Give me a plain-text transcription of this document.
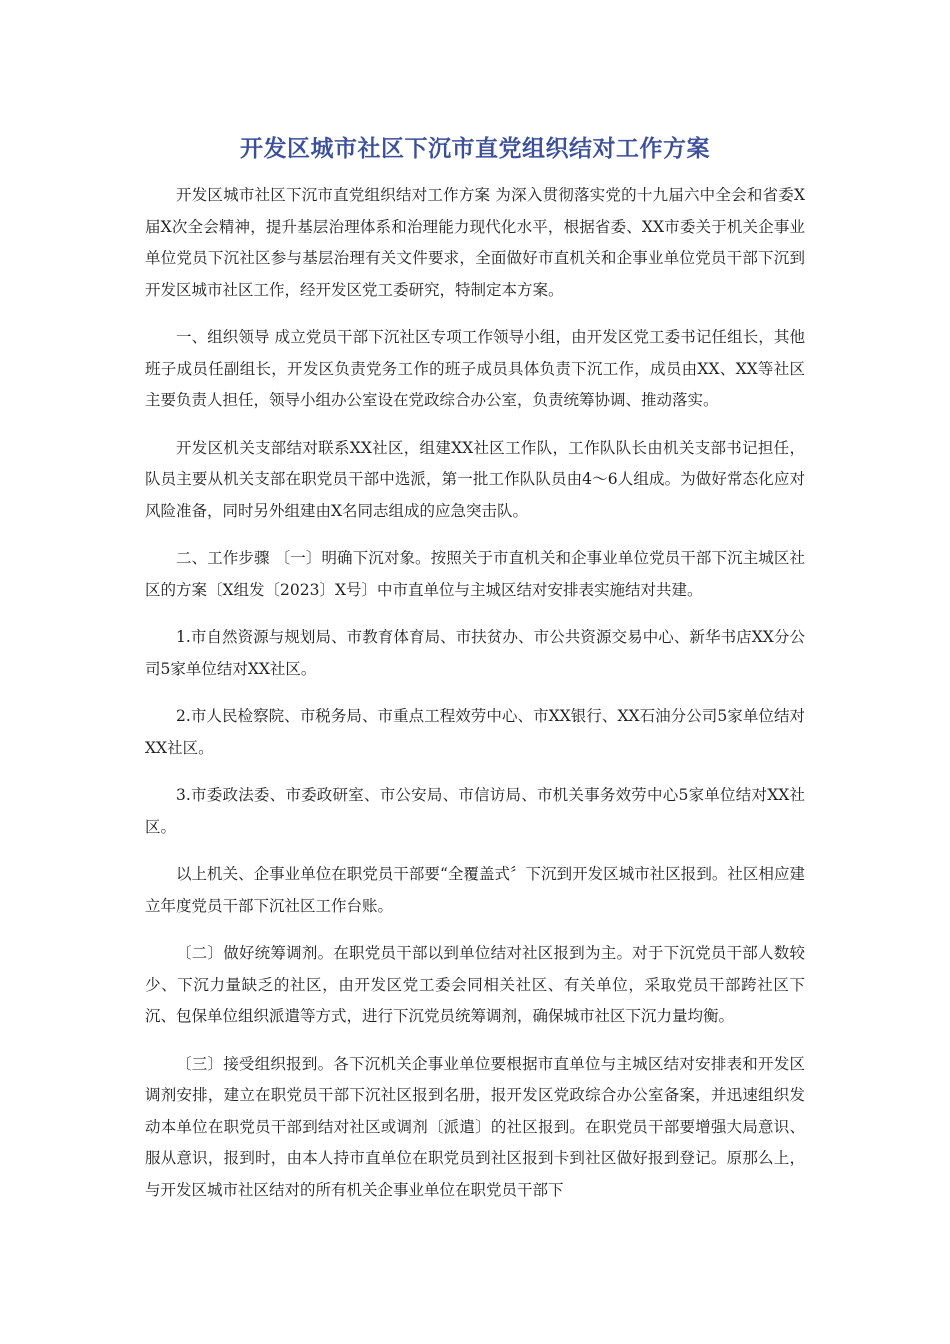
开发区城市社区下沉市直党组织结对工作方案

开发区城市社区下沉市直党组织结对工作方案 为深入贯彻落实党的十九届六中全会和省委X届X次全会精神，提升基层治理体系和治理能力现代化水平，根据省委、XX市委关于机关企事业单位党员下沉社区参与基层治理有关文件要求，全面做好市直机关和企事业单位党员干部下沉到开发区城市社区工作，经开发区党工委研究，特制定本方案。

一、组织领导 成立党员干部下沉社区专项工作领导小组，由开发区党工委书记任组长，其他班子成员任副组长，开发区负责党务工作的班子成员具体负责下沉工作，成员由XX、XX等社区主要负责人担任，领导小组办公室设在党政综合办公室，负责统筹协调、推动落实。

开发区机关支部结对联系XX社区，组建XX社区工作队，工作队队长由机关支部书记担任，队员主要从机关支部在职党员干部中选派，第一批工作队队员由4～6人组成。为做好常态化应对风险准备，同时另外组建由X名同志组成的应急突击队。

二、工作步骤 〔一〕明确下沉对象。按照关于市直机关和企事业单位党员干部下沉主城区社区的方案〔X组发〔2023〕X号〕中市直单位与主城区结对安排表实施结对共建。

1.市自然资源与规划局、市教育体育局、市扶贫办、市公共资源交易中心、新华书店XX分公司5家单位结对XX社区。

2.市人民检察院、市税务局、市重点工程效劳中心、市XX银行、XX石油分公司5家单位结对XX社区。

3.市委政法委、市委政研室、市公安局、市信访局、市机关事务效劳中心5家单位结对XX社区。

以上机关、企事业单位在职党员干部要“全覆盖式〞下沉到开发区城市社区报到。社区相应建立年度党员干部下沉社区工作台账。

〔二〕做好统筹调剂。在职党员干部以到单位结对社区报到为主。对于下沉党员干部人数较少、下沉力量缺乏的社区，由开发区党工委会同相关社区、有关单位，采取党员干部跨社区下沉、包保单位组织派遣等方式，进行下沉党员统筹调剂，确保城市社区下沉力量均衡。

〔三〕接受组织报到。各下沉机关企事业单位要根据市直单位与主城区结对安排表和开发区调剂安排，建立在职党员干部下沉社区报到名册，报开发区党政综合办公室备案，并迅速组织发动本单位在职党员干部到结对社区或调剂〔派遣〕的社区报到。在职党员干部要增强大局意识、服从意识，报到时，由本人持市直单位在职党员到社区报到卡到社区做好报到登记。原那么上，与开发区城市社区结对的所有机关企事业单位在职党员干部下
